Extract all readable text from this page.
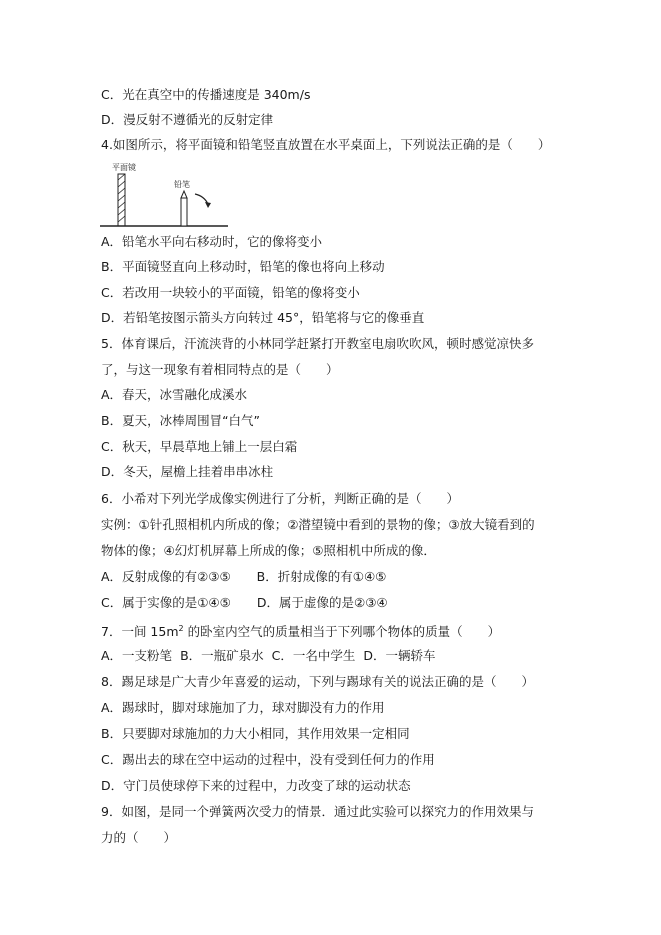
C．光在真空中的传播速度是 340m/s
D．漫反射不遵循光的反射定律
4.如图所示，将平面镜和铅笔竖直放置在水平桌面上，下列说法正确的是（　　）
平面镜
铅笔
A．铅笔水平向右移动时，它的像将变小
B．平面镜竖直向上移动时，铅笔的像也将向上移动
C．若改用一块较小的平面镜，铅笔的像将变小
D．若铅笔按图示箭头方向转过 45°，铅笔将与它的像垂直
5．体育课后，汗流浃背的小林同学赶紧打开教室电扇吹吹风，顿时感觉凉快多
了，与这一现象有着相同特点的是（　　）
A．春天，冰雪融化成溪水
B．夏天，冰棒周围冒“白气”
C．秋天，早晨草地上铺上一层白霜
D．冬天，屋檐上挂着串串冰柱
6．小希对下列光学成像实例进行了分析，判断正确的是（　　）
实例：①针孔照相机内所成的像；②潜望镜中看到的景物的像；③放大镜看到的
物体的像；④幻灯机屏幕上所成的像；⑤照相机中所成的像．
A．反射成像的有②③⑤ B．折射成像的有①④⑤
C．属于实像的是①④⑤ D．属于虚像的是②③④
7．一间 $15m^2$ 的卧室内空气的质量相当于下列哪个物体的质量（　　）
A．一支粉笔 B．一瓶矿泉水 C．一名中学生 D．一辆轿车
8．踢足球是广大青少年喜爱的运动，下列与踢球有关的说法正确的是（　　）
A．踢球时，脚对球施加了力，球对脚没有力的作用
B．只要脚对球施加的力大小相同，其作用效果一定相同
C．踢出去的球在空中运动的过程中，没有受到任何力的作用
D．守门员使球停下来的过程中，力改变了球的运动状态
9．如图，是同一个弹簧两次受力的情景．通过此实验可以探究力的作用效果与
力的（　　）
